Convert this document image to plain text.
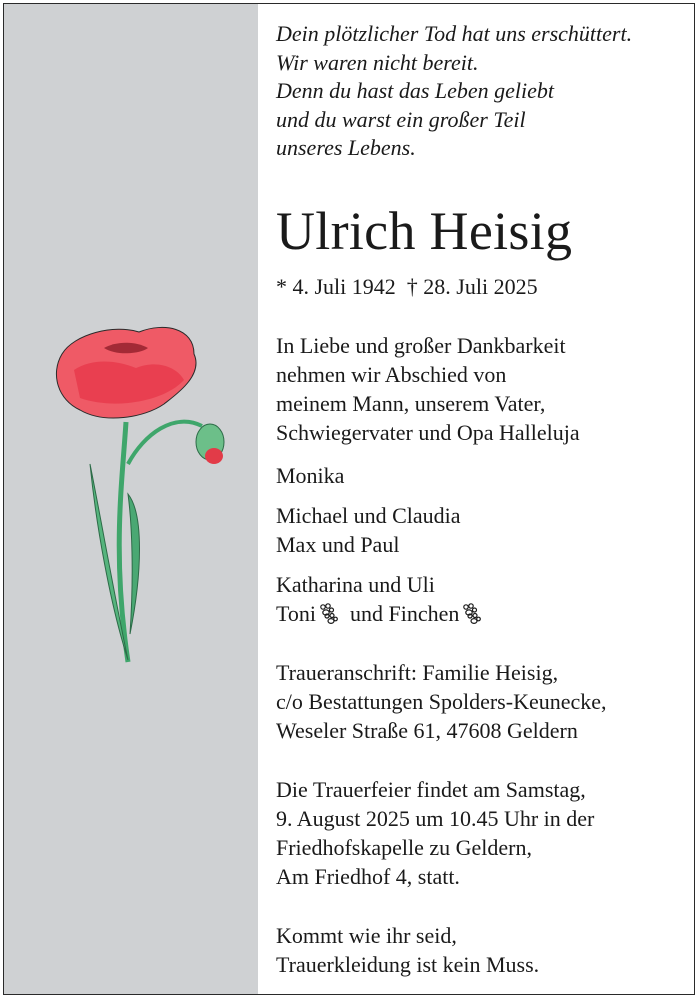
Dein plötzlicher Tod hat uns erschüttert.

Wir waren nicht bereit.

Denn du hast das Leben geliebt

und du warst ein großer Teil

unseres Lebens.

Ulrich Heisig

* 4. Juli 1942 † 28. Juli 2025

In Liebe und großer Dankbarkeit

nehmen wir Abschied von

meinem Mann, unserem Vater,

Schwiegervater und Opa Halleluja

Monika

Michael und Claudia

Max und Paul

Katharina und Uli

Toni und Finchen

Traueranschrift: Familie Heisig,

c/o Bestattungen Spolders-Keunecke,

Weseler Straße 61, 47608 Geldern

Die Trauerfeier findet am Samstag,

9. August 2025 um 10.45 Uhr in der

Friedhofskapelle zu Geldern,

Am Friedhof 4, statt.

Kommt wie ihr seid,

Trauerkleidung ist kein Muss.
